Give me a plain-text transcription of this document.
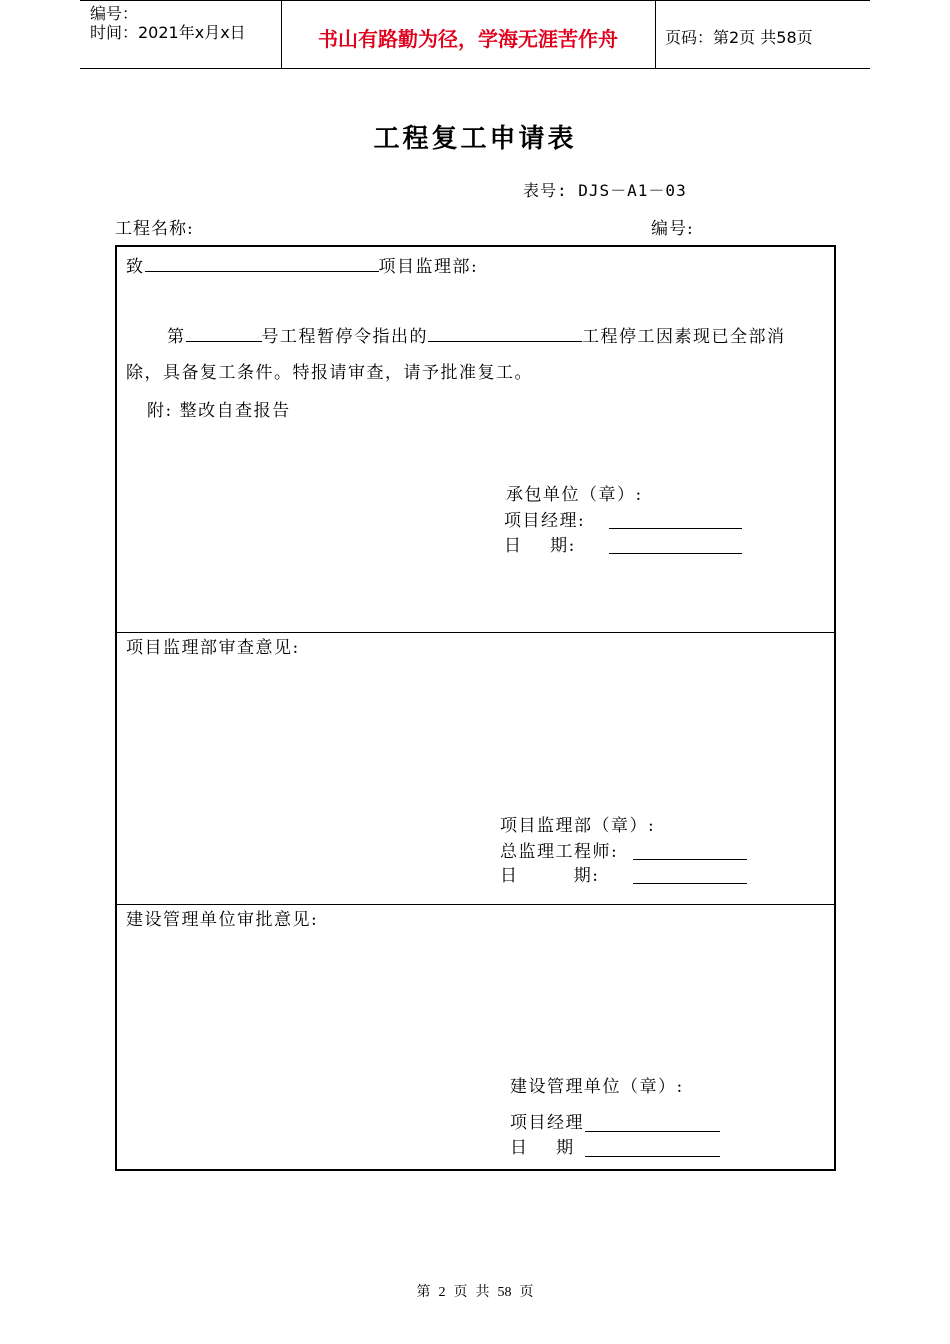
编号：
时间：2021年x月x日	书山有路勤为径，学海无涯苦作舟	页码：第2页 共58页
工程复工申请表
表号: DJS－A1－03
工程名称:	编号:
致	项目监理部:
第	号工程暂停令指出的	工程停工因素现已全部消
除，具备复工条件。特报请审查，请予批准复工。
附: 整改自查报告
承包单位（章）:
项目经理:
日    期:
项目监理部审查意见:
项目监理部（章）:
总监理工程师:
日        期:
建设管理单位审批意见:
建设管理单位（章）:
项目经理
日    期
第 2 页 共 58 页
